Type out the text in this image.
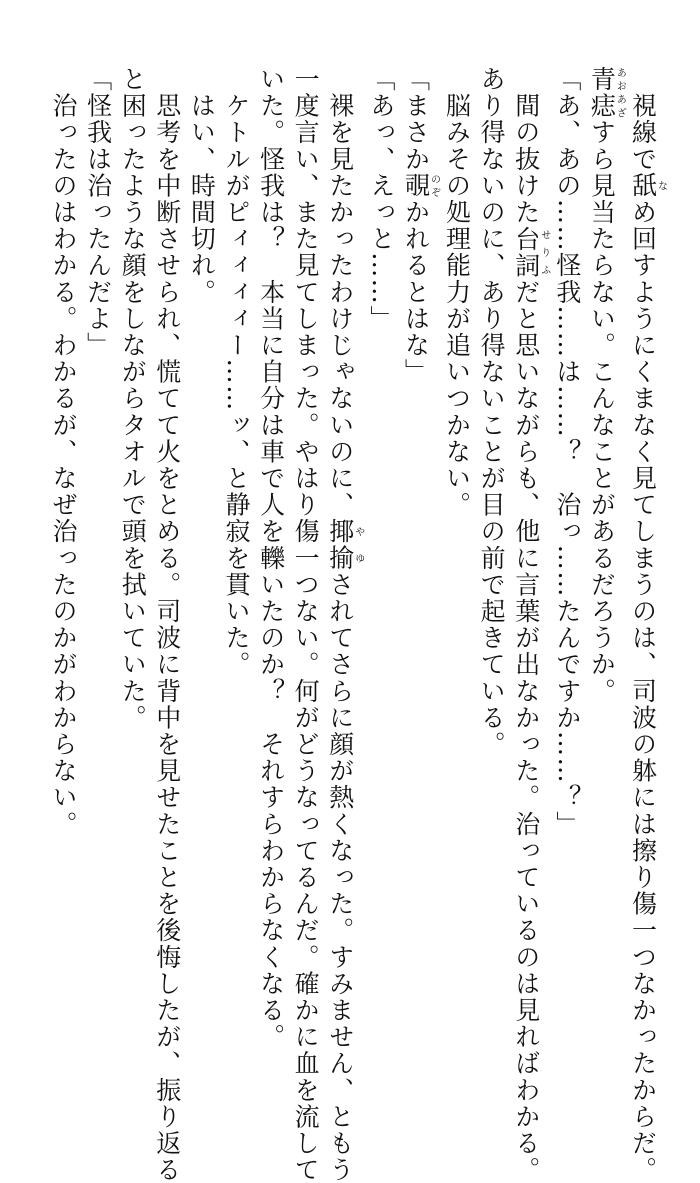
　視線で舐なめ回すようにくまなく見てしまうのは、司波の躰には擦り傷一つなかったからだ。
青痣あおあざすら見当たらない。こんなことがあるだろうか。
「あ、あの……怪我……は……？　治っ……たんですか……？」
　間の抜けた台詞せりふだと思いながらも、他に言葉が出なかった。治っているのは見ればわかる。
あり得ないのに、あり得ないことが目の前で起きている。
　脳みその処理能力が追いつかない。
「まさか覗のぞかれるとはな」
「あっ、えっと……」
　裸を見たかったわけじゃないのに、揶揄やゆされてさらに顔が熱くなった。すみません、ともう
一度言い、また見てしまった。やはり傷一つない。何がどうなってるんだ。確かに血を流して
いた。怪我は？　本当に自分は車で人を轢いたのか？　それすらわからなくなる。
　ケトルがピィィィィー……ッ、と静寂を貫いた。
　はい、時間切れ。
　思考を中断させられ、慌てて火をとめる。司波に背中を見せたことを後悔したが、振り返る
と困ったような顔をしながらタオルで頭を拭いていた。
「怪我は治ったんだよ」
　治ったのはわかる。わかるが、なぜ治ったのかがわからない。
